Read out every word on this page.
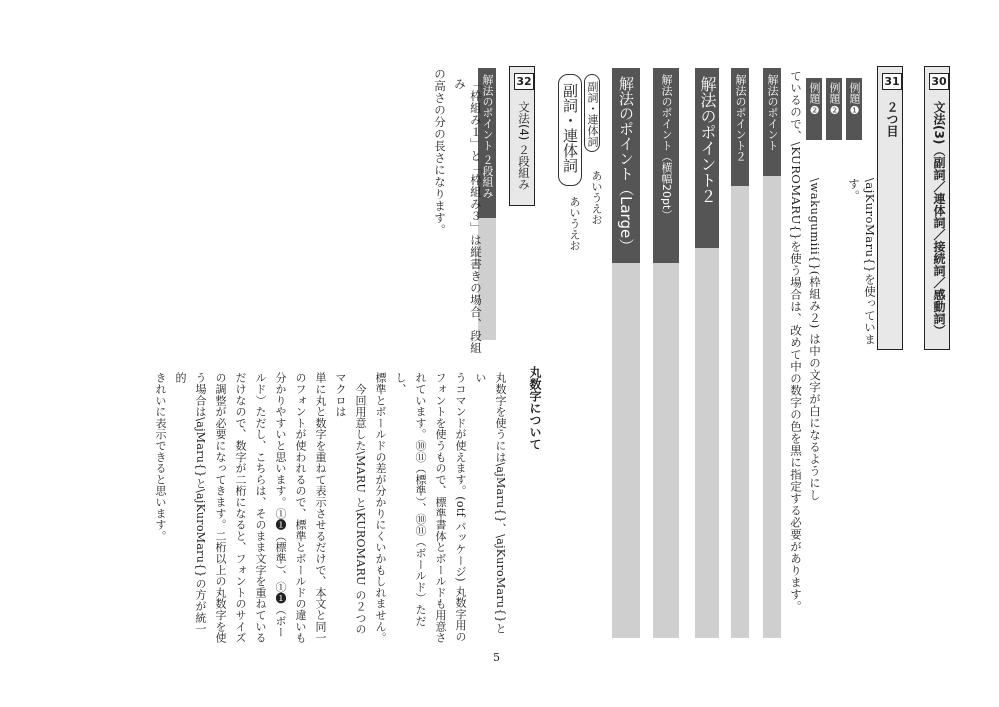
30 文法(3)（副詞／連体詞／接続詞／感動詞）
31 ２つ目
例題❶
\ajKuroMaru{}を使っています。
例題❷
例題❷
\wakugumiii{}(枠組み２) は中の文字が白になるようにし
ているので、\KUROMARU{}を使う場合は、改めて中の数字の色を黒に指定する必要があります。
解法のポイント
解法のポイント２
解法のポイント２
解法のポイント（横幅20pt）
解法のポイント（Large）
副詞・連体詞
副詞・連体詞
あいうえお
あいうえお
32 文法(4) ２段組み
解法のポイント ２段組み
「枠組み１」と「枠組み３」は縦書きの場合、段組み
の高さの分の長さになります。
丸数字について
丸数字を使うには\ajMaru{}、\ajKuroMaru{}とい
うコマンドが使えます。(otf パッケージ) 丸数字用の
フォントを使うもので、標準書体とボールドも用意さ
れています。⑩⑪（標準）、⑩⑪（ボールド）ただし、
標準とボールドの差が分かりにくいかもしれません。
　今回用意した\MARU と\KUROMARU の２つのマクロは
単に丸と数字を重ねて表示させるだけで、本文と同一
のフォントが使われるので、標準とボールドの違いも
分かりやすいと思います。①❶（標準）、①❶（ボー
ルド）ただし、こちらは、そのまま文字を重ねている
だけなので、数字が二桁になると、フォントのサイズ
の調整が必要になってきます。二桁以上の丸数字を使
う場合は\ajMaru{}と\ajKuroMaru{}の方が統一的
きれいに表示できると思います。
5
